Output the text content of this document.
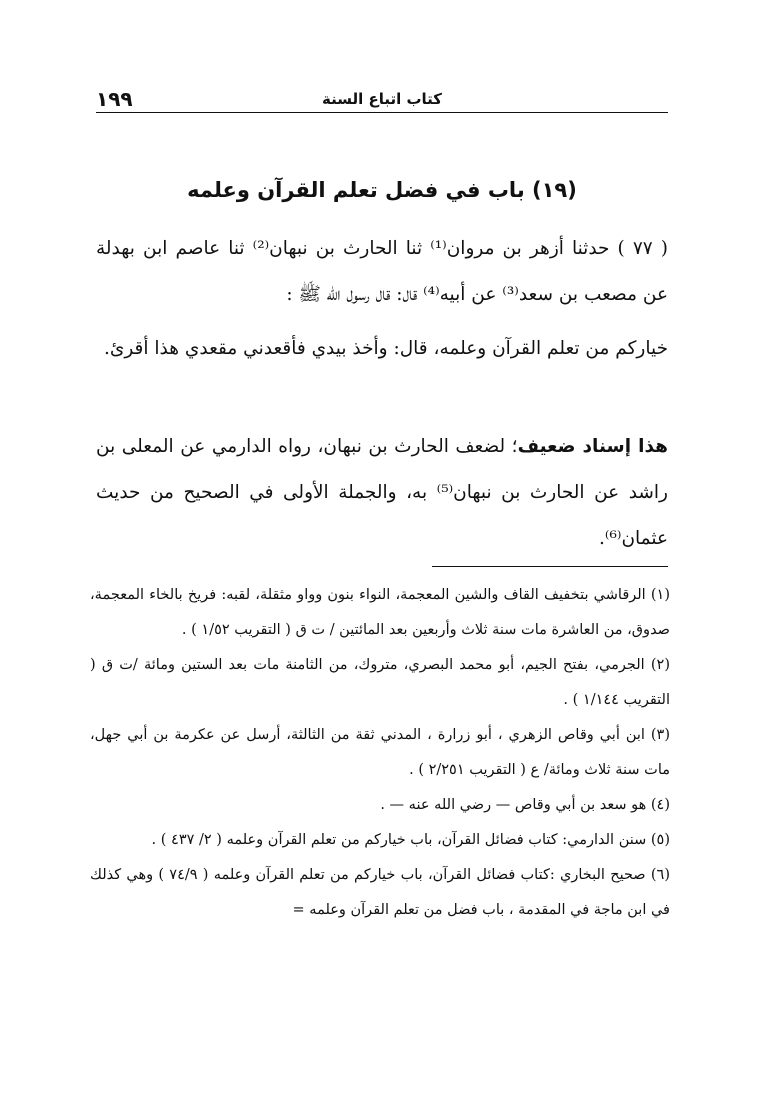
١٩٩	كتاب اتباع السنة
(١٩) باب في فضل تعلم القرآن وعلمه

( ٧٧ ) حدثنا أزهر بن مروان⁽¹⁾ ثنا الحارث بن نبهان⁽²⁾ ثنا عاصم ابن بهدلة عن مصعب بن سعد⁽³⁾ عن أبيه⁽⁴⁾ قال: قال رسول الله ﷺ :

خياركم من تعلم القرآن وعلمه، قال: وأخذ بيدي فأقعدني مقعدي هذا أقرئ.

هذا إسناد ضعيف؛ لضعف الحارث بن نبهان، رواه الدارمي عن المعلى بن راشد عن الحارث بن نبهان⁽⁵⁾ به، والجملة الأولى في الصحيح من حديث عثمان⁽⁶⁾.

(١) الرقاشي بتخفيف القاف والشين المعجمة، النواء بنون وواو مثقلة، لقبه: فريخ بالخاء المعجمة، صدوق، من العاشرة مات سنة ثلاث وأربعين بعد المائتين / ت ق ( التقريب ١/٥٢ ) .

(٢) الجرمي، بفتح الجيم، أبو محمد البصري، متروك، من الثامنة مات بعد الستين ومائة /ت ق ( التقريب ١/١٤٤ ) .

(٣) ابن أبي وقاص الزهري ، أبو زرارة ، المدني ثقة من الثالثة، أرسل عن عكرمة بن أبي جهل، مات سنة ثلاث ومائة/ ع ( التقريب ٢/٢٥١ ) .

(٤) هو سعد بن أبي وقاص — رضي الله عنه — .

(٥) سنن الدارمي: كتاب فضائل القرآن، باب خياركم من تعلم القرآن وعلمه ( ٢/ ٤٣٧ ) .

(٦) صحيح البخاري :كتاب فضائل القرآن، باب خياركم من تعلم القرآن وعلمه ( ٧٤/٩ ) وهي كذلك في ابن ماجة في المقدمة ، باب فضل من تعلم القرآن وعلمه =
